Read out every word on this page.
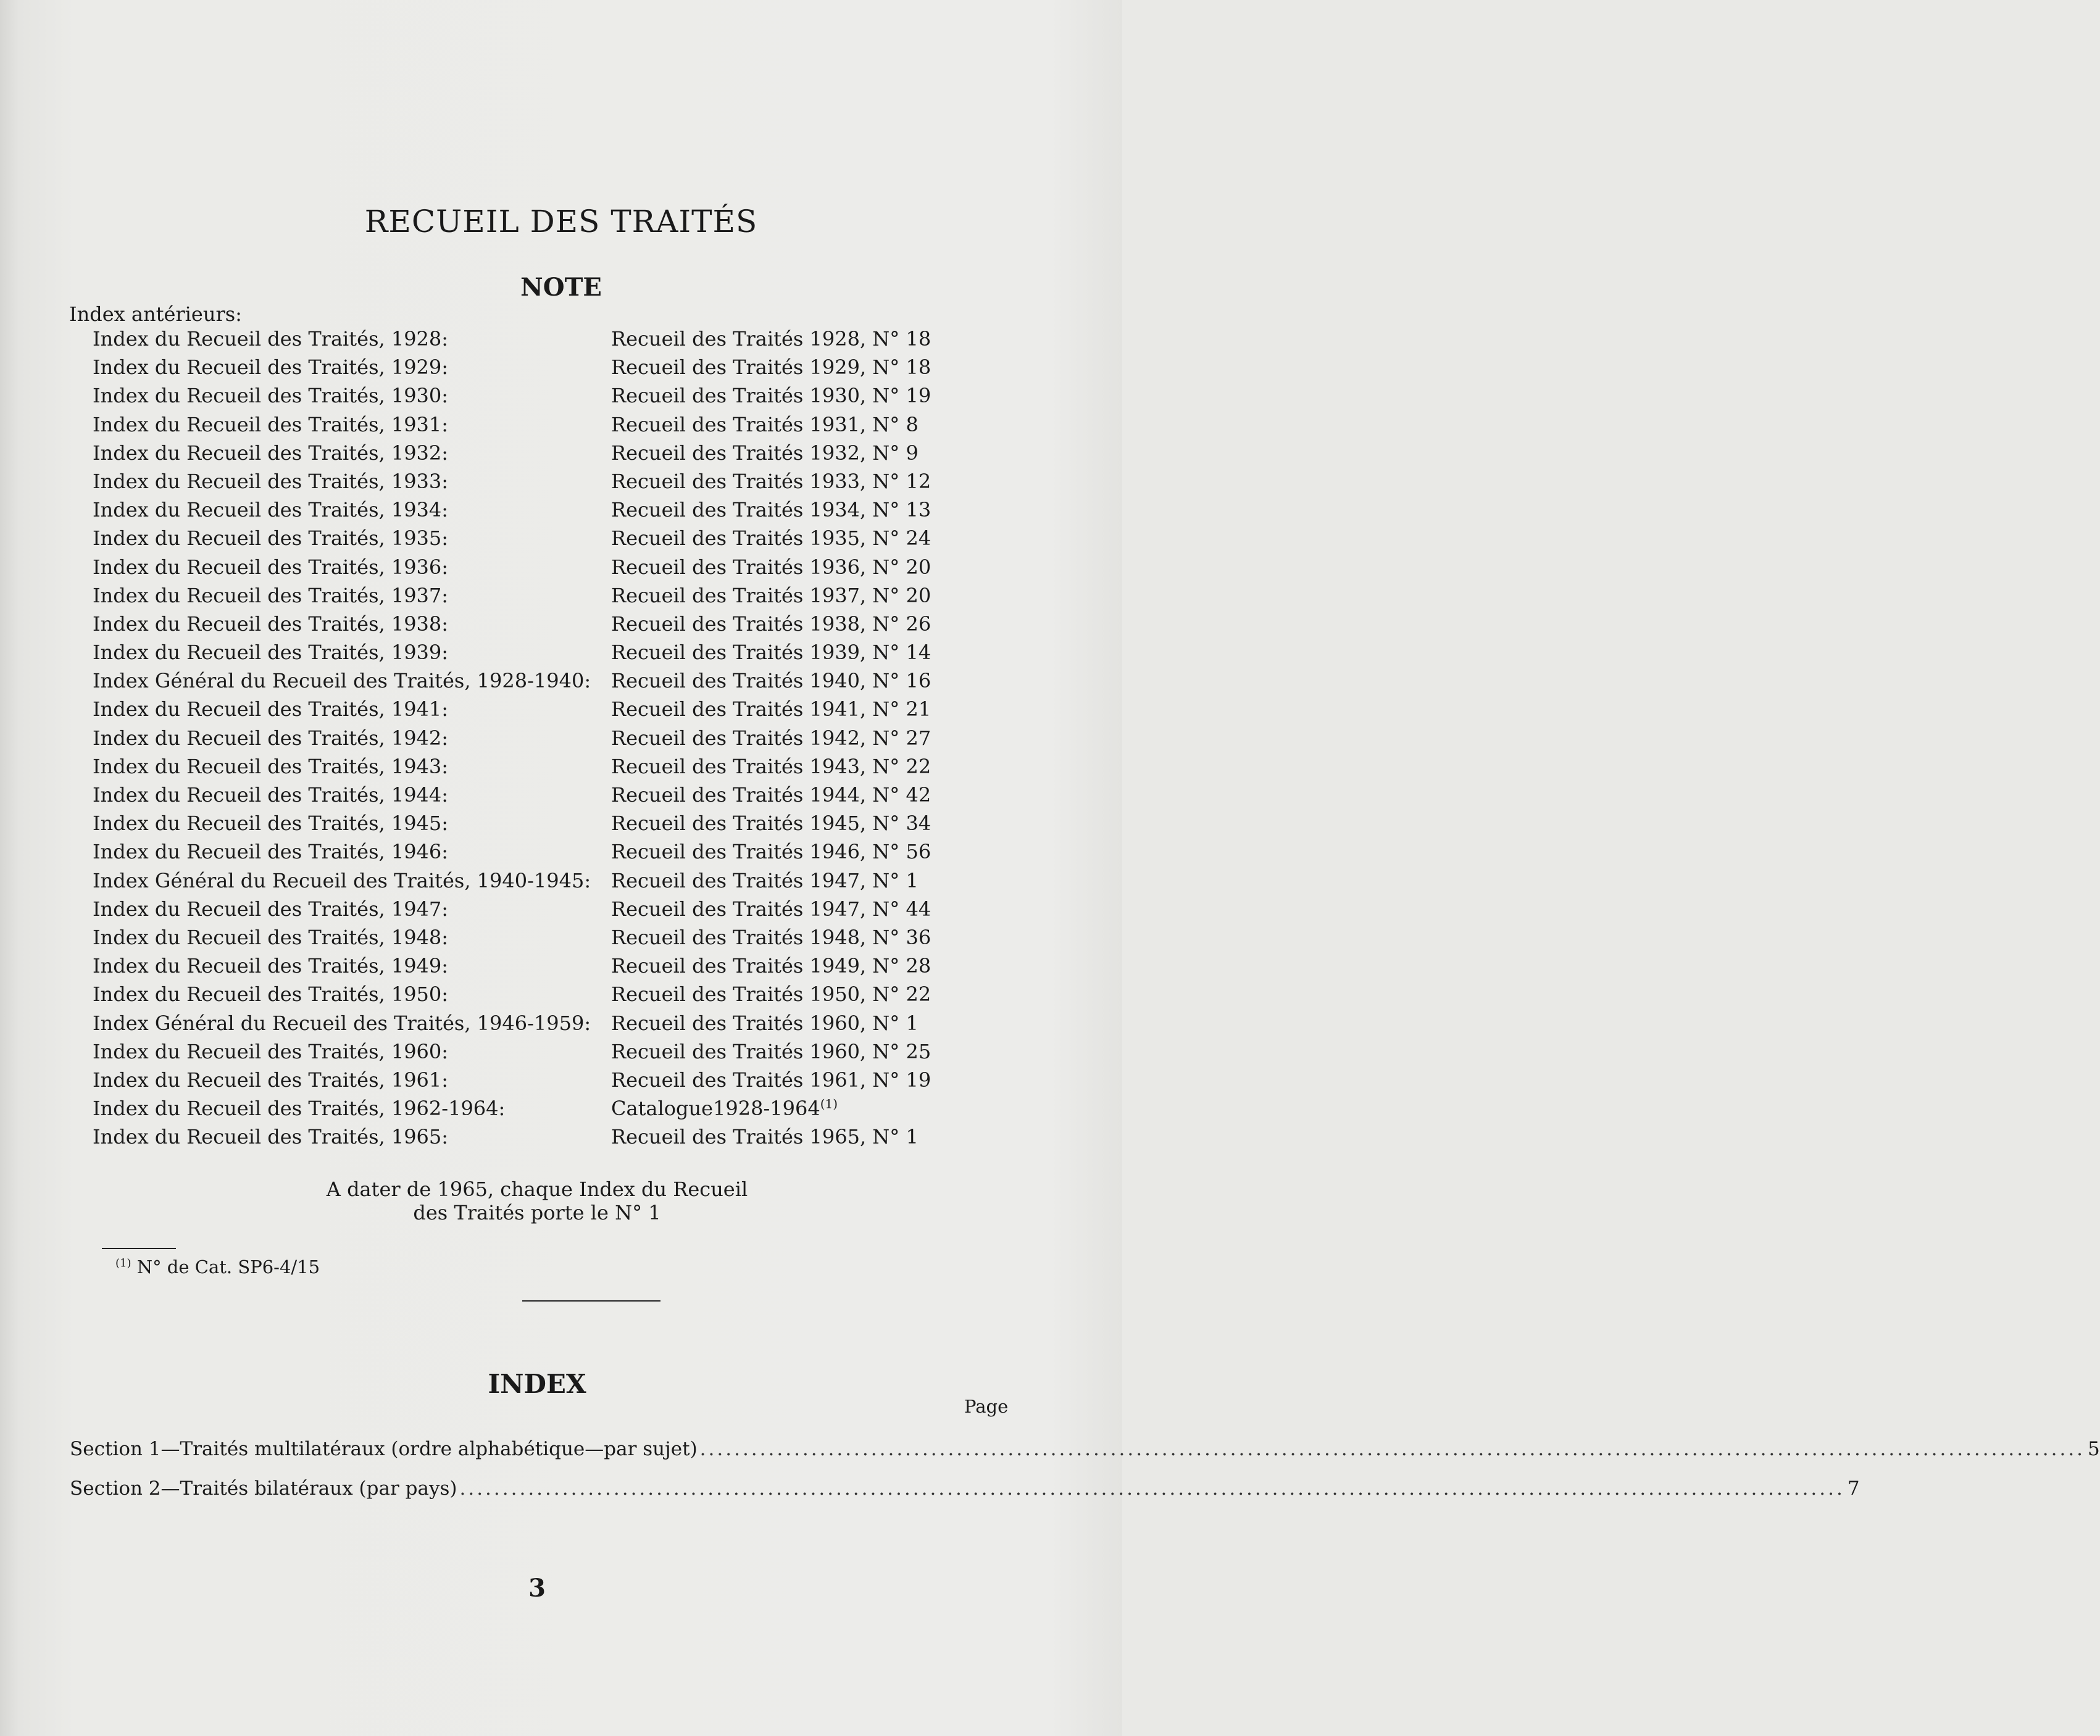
RECUEIL DES TRAITÉS
NOTE
Index antérieurs:
Index du Recueil des Traités, 1928:	Recueil des Traités 1928, N° 18
Index du Recueil des Traités, 1929:	Recueil des Traités 1929, N° 18
Index du Recueil des Traités, 1930:	Recueil des Traités 1930, N° 19
Index du Recueil des Traités, 1931:	Recueil des Traités 1931, N° 8
Index du Recueil des Traités, 1932:	Recueil des Traités 1932, N° 9
Index du Recueil des Traités, 1933:	Recueil des Traités 1933, N° 12
Index du Recueil des Traités, 1934:	Recueil des Traités 1934, N° 13
Index du Recueil des Traités, 1935:	Recueil des Traités 1935, N° 24
Index du Recueil des Traités, 1936:	Recueil des Traités 1936, N° 20
Index du Recueil des Traités, 1937:	Recueil des Traités 1937, N° 20
Index du Recueil des Traités, 1938:	Recueil des Traités 1938, N° 26
Index du Recueil des Traités, 1939:	Recueil des Traités 1939, N° 14
Index Général du Recueil des Traités, 1928-1940: Recueil des Traités 1940, N° 16
Index du Recueil des Traités, 1941:	Recueil des Traités 1941, N° 21
Index du Recueil des Traités, 1942:	Recueil des Traités 1942, N° 27
Index du Recueil des Traités, 1943:	Recueil des Traités 1943, N° 22
Index du Recueil des Traités, 1944:	Recueil des Traités 1944, N° 42
Index du Recueil des Traités, 1945:	Recueil des Traités 1945, N° 34
Index du Recueil des Traités, 1946:	Recueil des Traités 1946, N° 56
Index Général du Recueil des Traités, 1940-1945: Recueil des Traités 1947, N° 1
Index du Recueil des Traités, 1947:	Recueil des Traités 1947, N° 44
Index du Recueil des Traités, 1948:	Recueil des Traités 1948, N° 36
Index du Recueil des Traités, 1949:	Recueil des Traités 1949, N° 28
Index du Recueil des Traités, 1950:	Recueil des Traités 1950, N° 22
Index Général du Recueil des Traités, 1946-1959: Recueil des Traités 1960, N° 1
Index du Recueil des Traités, 1960:	Recueil des Traités 1960, N° 25
Index du Recueil des Traités, 1961:	Recueil des Traités 1961, N° 19
Index du Recueil des Traités, 1962-1964:	Catalogue1928-1964$^{(1)}$
Index du Recueil des Traités, 1965:	Recueil des Traités 1965, N° 1
A dater de 1965, chaque Index du Recueil
des Traités porte le N° 1
$^{(1)}$ N° de Cat. SP6-4/15
INDEX
Page
Section 1—Traités multilatéraux (ordre alphabétique—par sujet) .................................................................................................................................................................. 5
Section 2—Traités bilatéraux (par pays) .................................................................................................................................................................. 7
3
